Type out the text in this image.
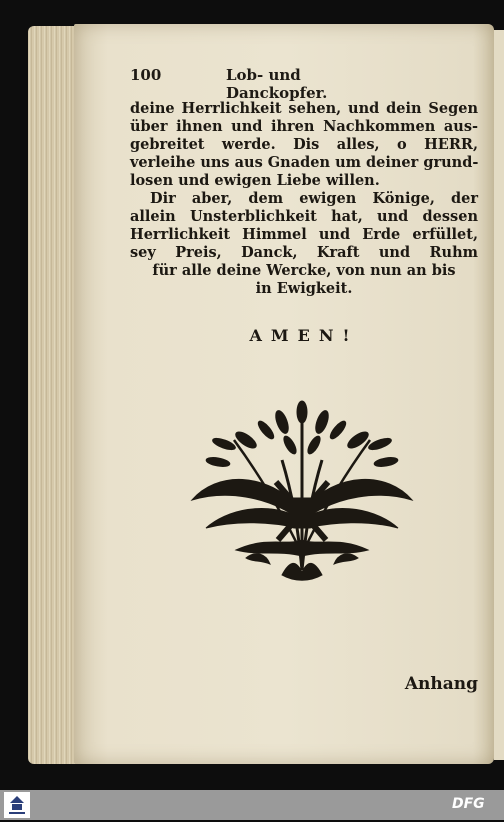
100	Lob- und Danckopfer.
deine Herrlichkeit sehen, und dein Segen
über ihnen und ihren Nachkommen aus-
gebreitet werde. Dis alles, o HERR,
verleihe uns aus Gnaden um deiner grund-
losen und ewigen Liebe willen.
Dir aber, dem ewigen Könige, der
allein Unsterblichkeit hat, und dessen
Herrlichkeit Himmel und Erde erfüllet,
sey Preis, Danck, Kraft und Ruhm
für alle deine Wercke, von nun an bis
in Ewigkeit.
AMEN!
Anhang
DFG
